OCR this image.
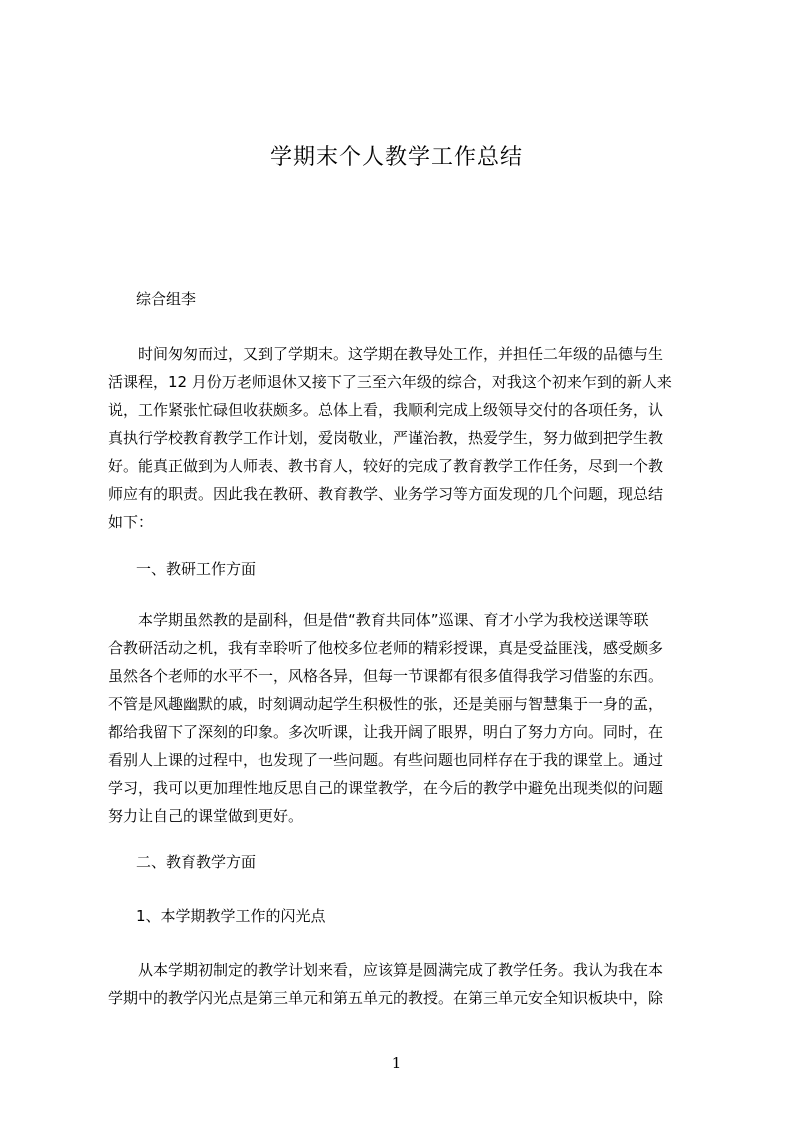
学期末个人教学工作总结
综合组李
　　时间匆匆而过，又到了学期末。这学期在教导处工作，并担任二年级的品德与生
活课程，12 月份万老师退休又接下了三至六年级的综合，对我这个初来乍到的新人来
说，工作紧张忙碌但收获颇多。总体上看，我顺利完成上级领导交付的各项任务，认
真执行学校教育教学工作计划，爱岗敬业，严谨治教，热爱学生，努力做到把学生教
好。能真正做到为人师表、教书育人，较好的完成了教育教学工作任务，尽到一个教
师应有的职责。因此我在教研、教育教学、业务学习等方面发现的几个问题，现总结
如下：
一、教研工作方面
　　本学期虽然教的是副科，但是借“教育共同体”巡课、育才小学为我校送课等联
合教研活动之机，我有幸聆听了他校多位老师的精彩授课，真是受益匪浅，感受颇多
虽然各个老师的水平不一，风格各异，但每一节课都有很多值得我学习借鉴的东西。
不管是风趣幽默的戚，时刻调动起学生积极性的张，还是美丽与智慧集于一身的孟，
都给我留下了深刻的印象。多次听课，让我开阔了眼界，明白了努力方向。同时，在
看别人上课的过程中，也发现了一些问题。有些问题也同样存在于我的课堂上。通过
学习，我可以更加理性地反思自己的课堂教学，在今后的教学中避免出现类似的问题
努力让自己的课堂做到更好。
二、教育教学方面
1、本学期教学工作的闪光点
　　从本学期初制定的教学计划来看，应该算是圆满完成了教学任务。我认为我在本
学期中的教学闪光点是第三单元和第五单元的教授。在第三单元安全知识板块中，除
1
